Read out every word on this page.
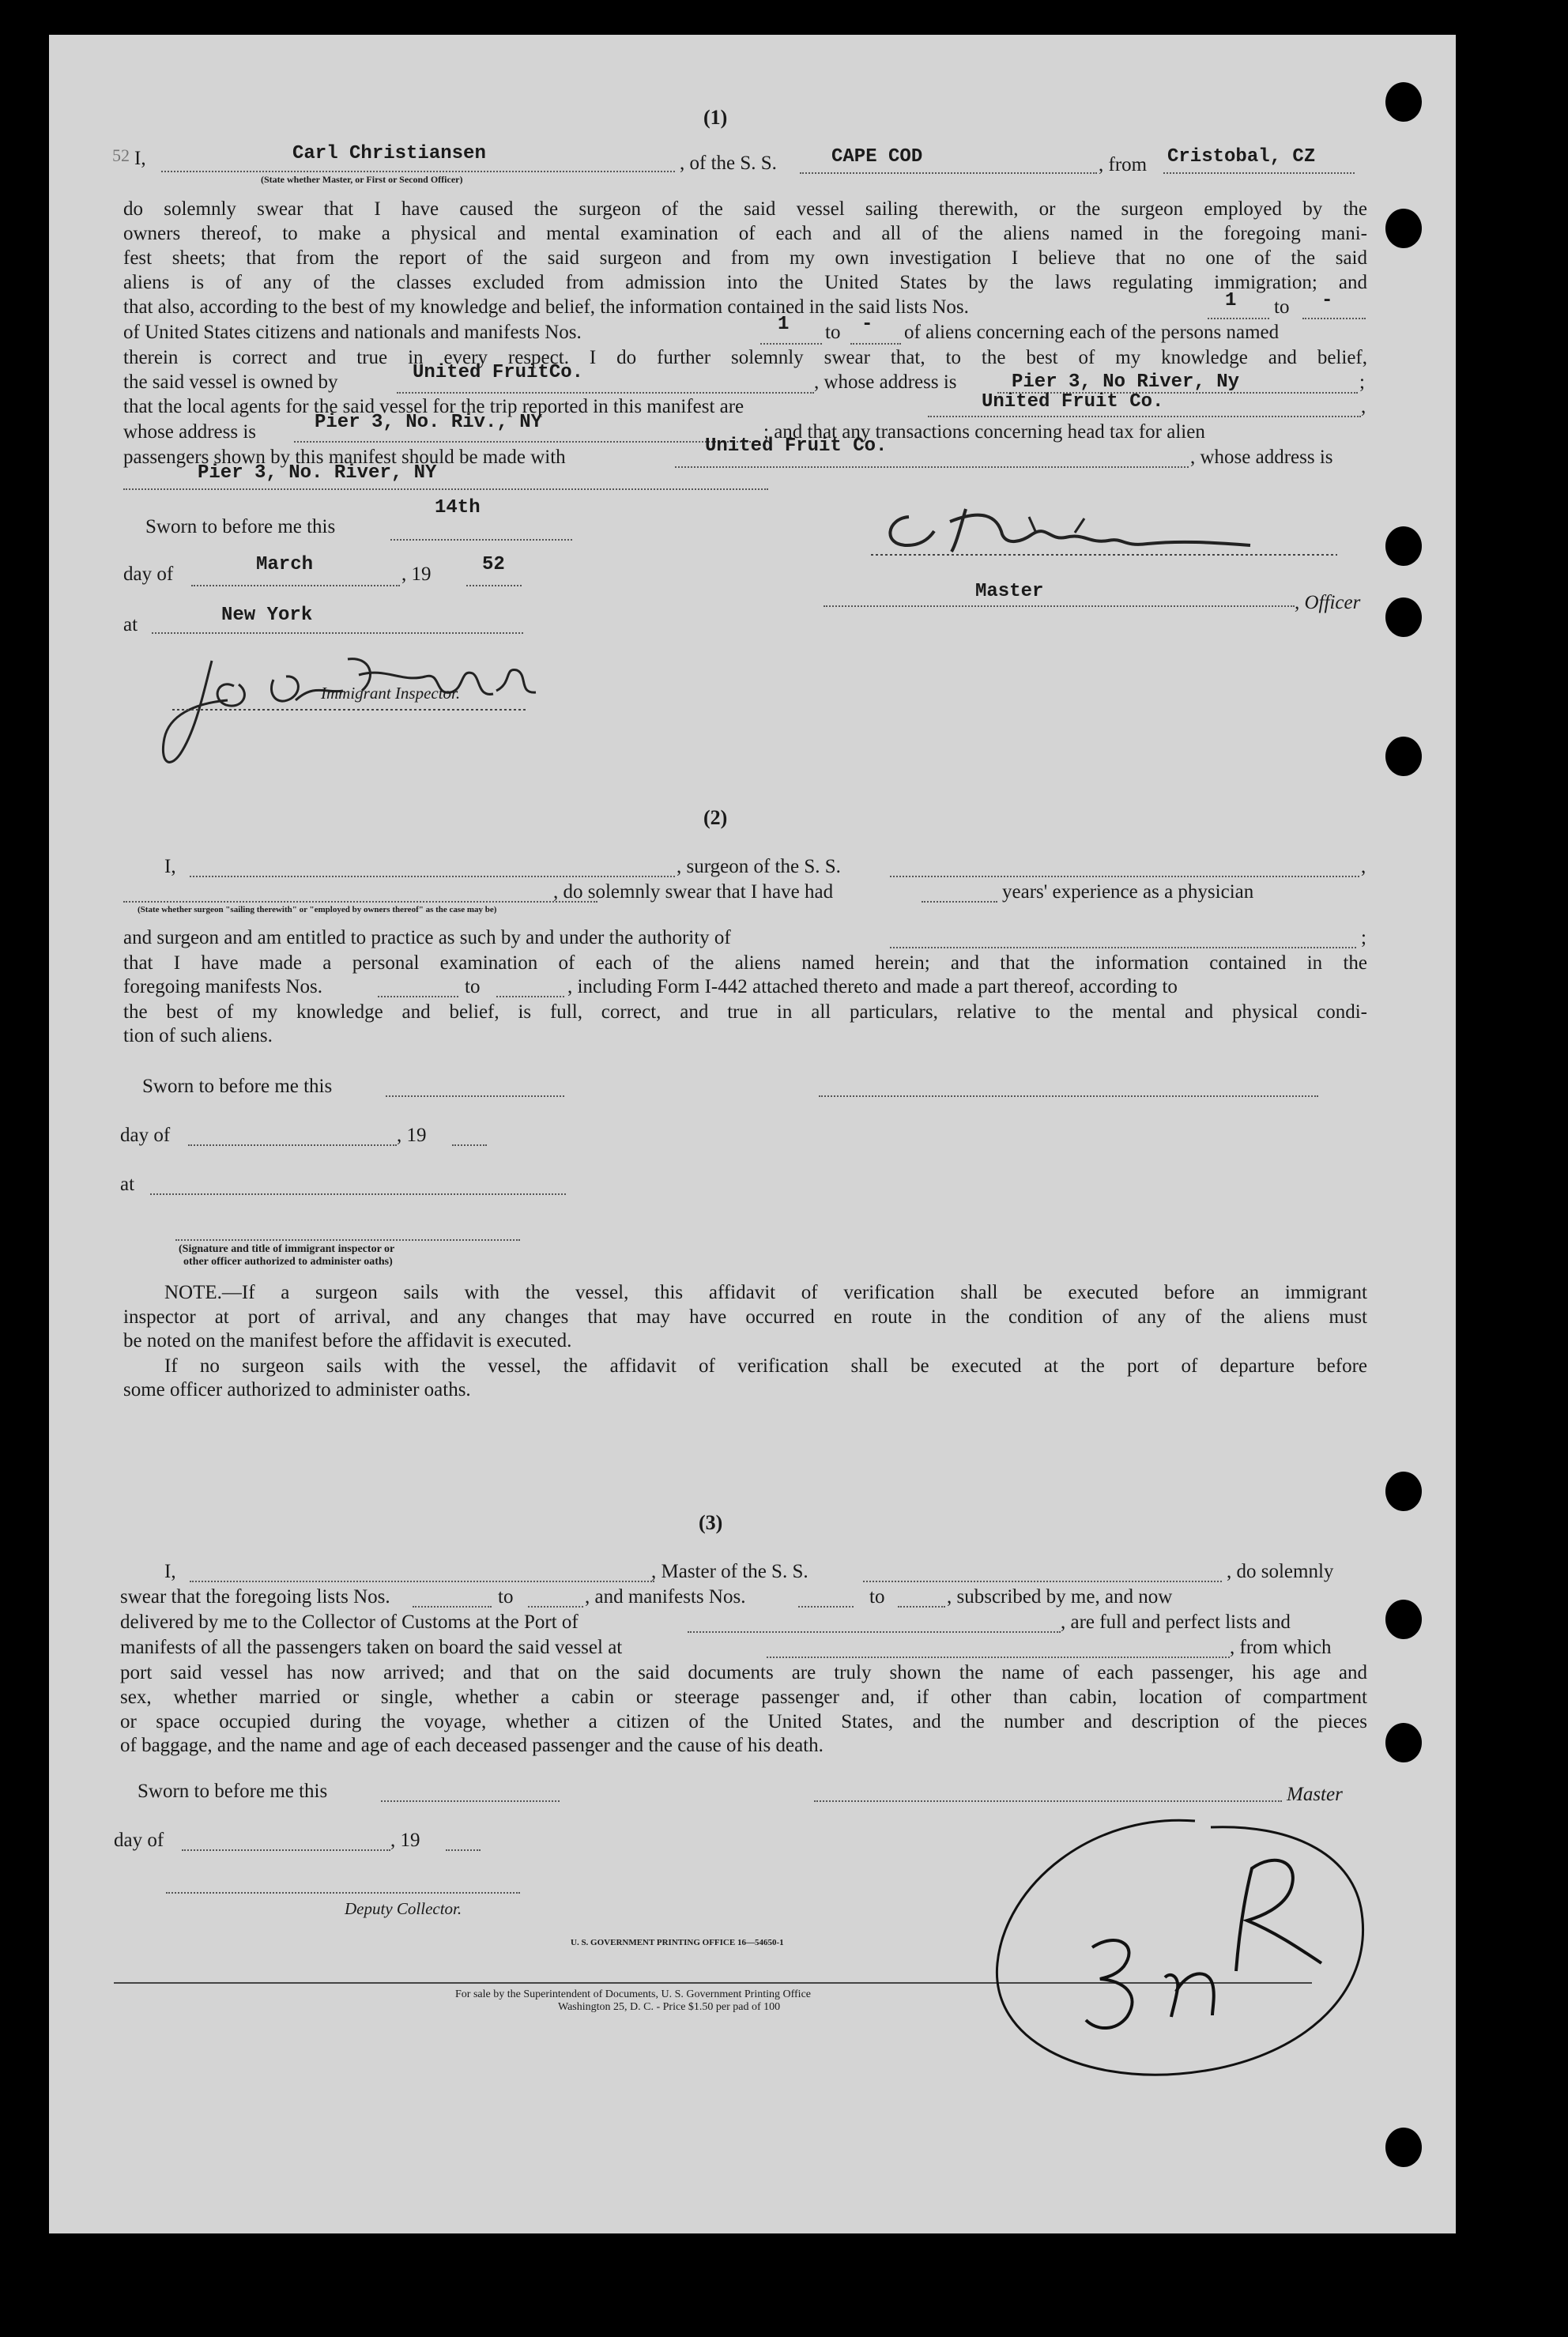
(1)
52 I,	Carl Christiansen
(State whether Master, or First or Second Officer)
, of the S. S.	CAPE COD	, from Cristobal, CZ
do solemnly swear that I have caused the surgeon of the said vessel sailing therewith, or the surgeon employed by the
owners thereof, to make a physical and mental examination of each and all of the aliens named in the foregoing mani-
fest sheets; that from the report of the said surgeon and from my own investigation I believe that no one of the said
aliens is of any of the classes excluded from admission into the United States by the laws regulating immigration; and
that also, according to the best of my knowledge and belief, the information contained in the said lists Nos.	1 to -
of United States citizens and nationals and manifests Nos.	1 to - of aliens concerning each of the persons named
therein is correct and true in every respect. I do further solemnly swear that, to the best of my knowledge and belief,
the said vessel is owned by	United FruitCo.	, whose address is	Pier 3, No River, Ny	;
that the local agents for the said vessel for the trip reported in this manifest are	United Fruit Co.	,
whose address is	Pier 3, No. Riv., NY	; and that any transactions concerning head tax for alien
passengers shown by this manifest should be made with
United Fruit Co.
, whose address is
Pier 3, No. River, NY
Sworn to before me this
14th
day of	March	, 19	52
at	New York
Immigrant Inspector.
Master
, Officer
(2)
I,	, surgeon of the S. S.	,
, do solemnly swear that I have had	years' experience as a physician
(State whether surgeon "sailing therewith" or "employed by owners thereof" as the case may be)
and surgeon and am entitled to practice as such by and under the authority of	;
that I have made a personal examination of each of the aliens named herein; and that the information contained in the
foregoing manifests Nos.	to	, including Form I-442 attached thereto and made a part thereof, according to
the best of my knowledge and belief, is full, correct, and true in all particulars, relative to the mental and physical condi-
tion of such aliens.
Sworn to before me this
day of	, 19
at
(Signature and title of immigrant inspector or
other officer authorized to administer oaths)
NOTE.—If a surgeon sails with the vessel, this affidavit of verification shall be executed before an immigrant
inspector at port of arrival, and any changes that may have occurred en route in the condition of any of the aliens must
be noted on the manifest before the affidavit is executed.
If no surgeon sails with the vessel, the affidavit of verification shall be executed at the port of departure before
some officer authorized to administer oaths.
(3)
I,	, Master of the S. S.	, do solemnly
swear that the foregoing lists Nos.	to	, and manifests Nos.	to	, subscribed by me, and now
delivered by me to the Collector of Customs at the Port of	, are full and perfect lists and
manifests of all the passengers taken on board the said vessel at	, from which
port said vessel has now arrived; and that on the said documents are truly shown the name of each passenger, his age and
sex, whether married or single, whether a cabin or steerage passenger and, if other than cabin, location of compartment
or space occupied during the voyage, whether a citizen of the United States, and the number and description of the pieces
of baggage, and the name and age of each deceased passenger and the cause of his death.
Sworn to before me this	Master
day of	, 19
Deputy Collector.
U. S. GOVERNMENT PRINTING OFFICE 16—54650-1
For sale by the Superintendent of Documents, U. S. Government Printing Office
Washington 25, D. C. - Price $1.50 per pad of 100
